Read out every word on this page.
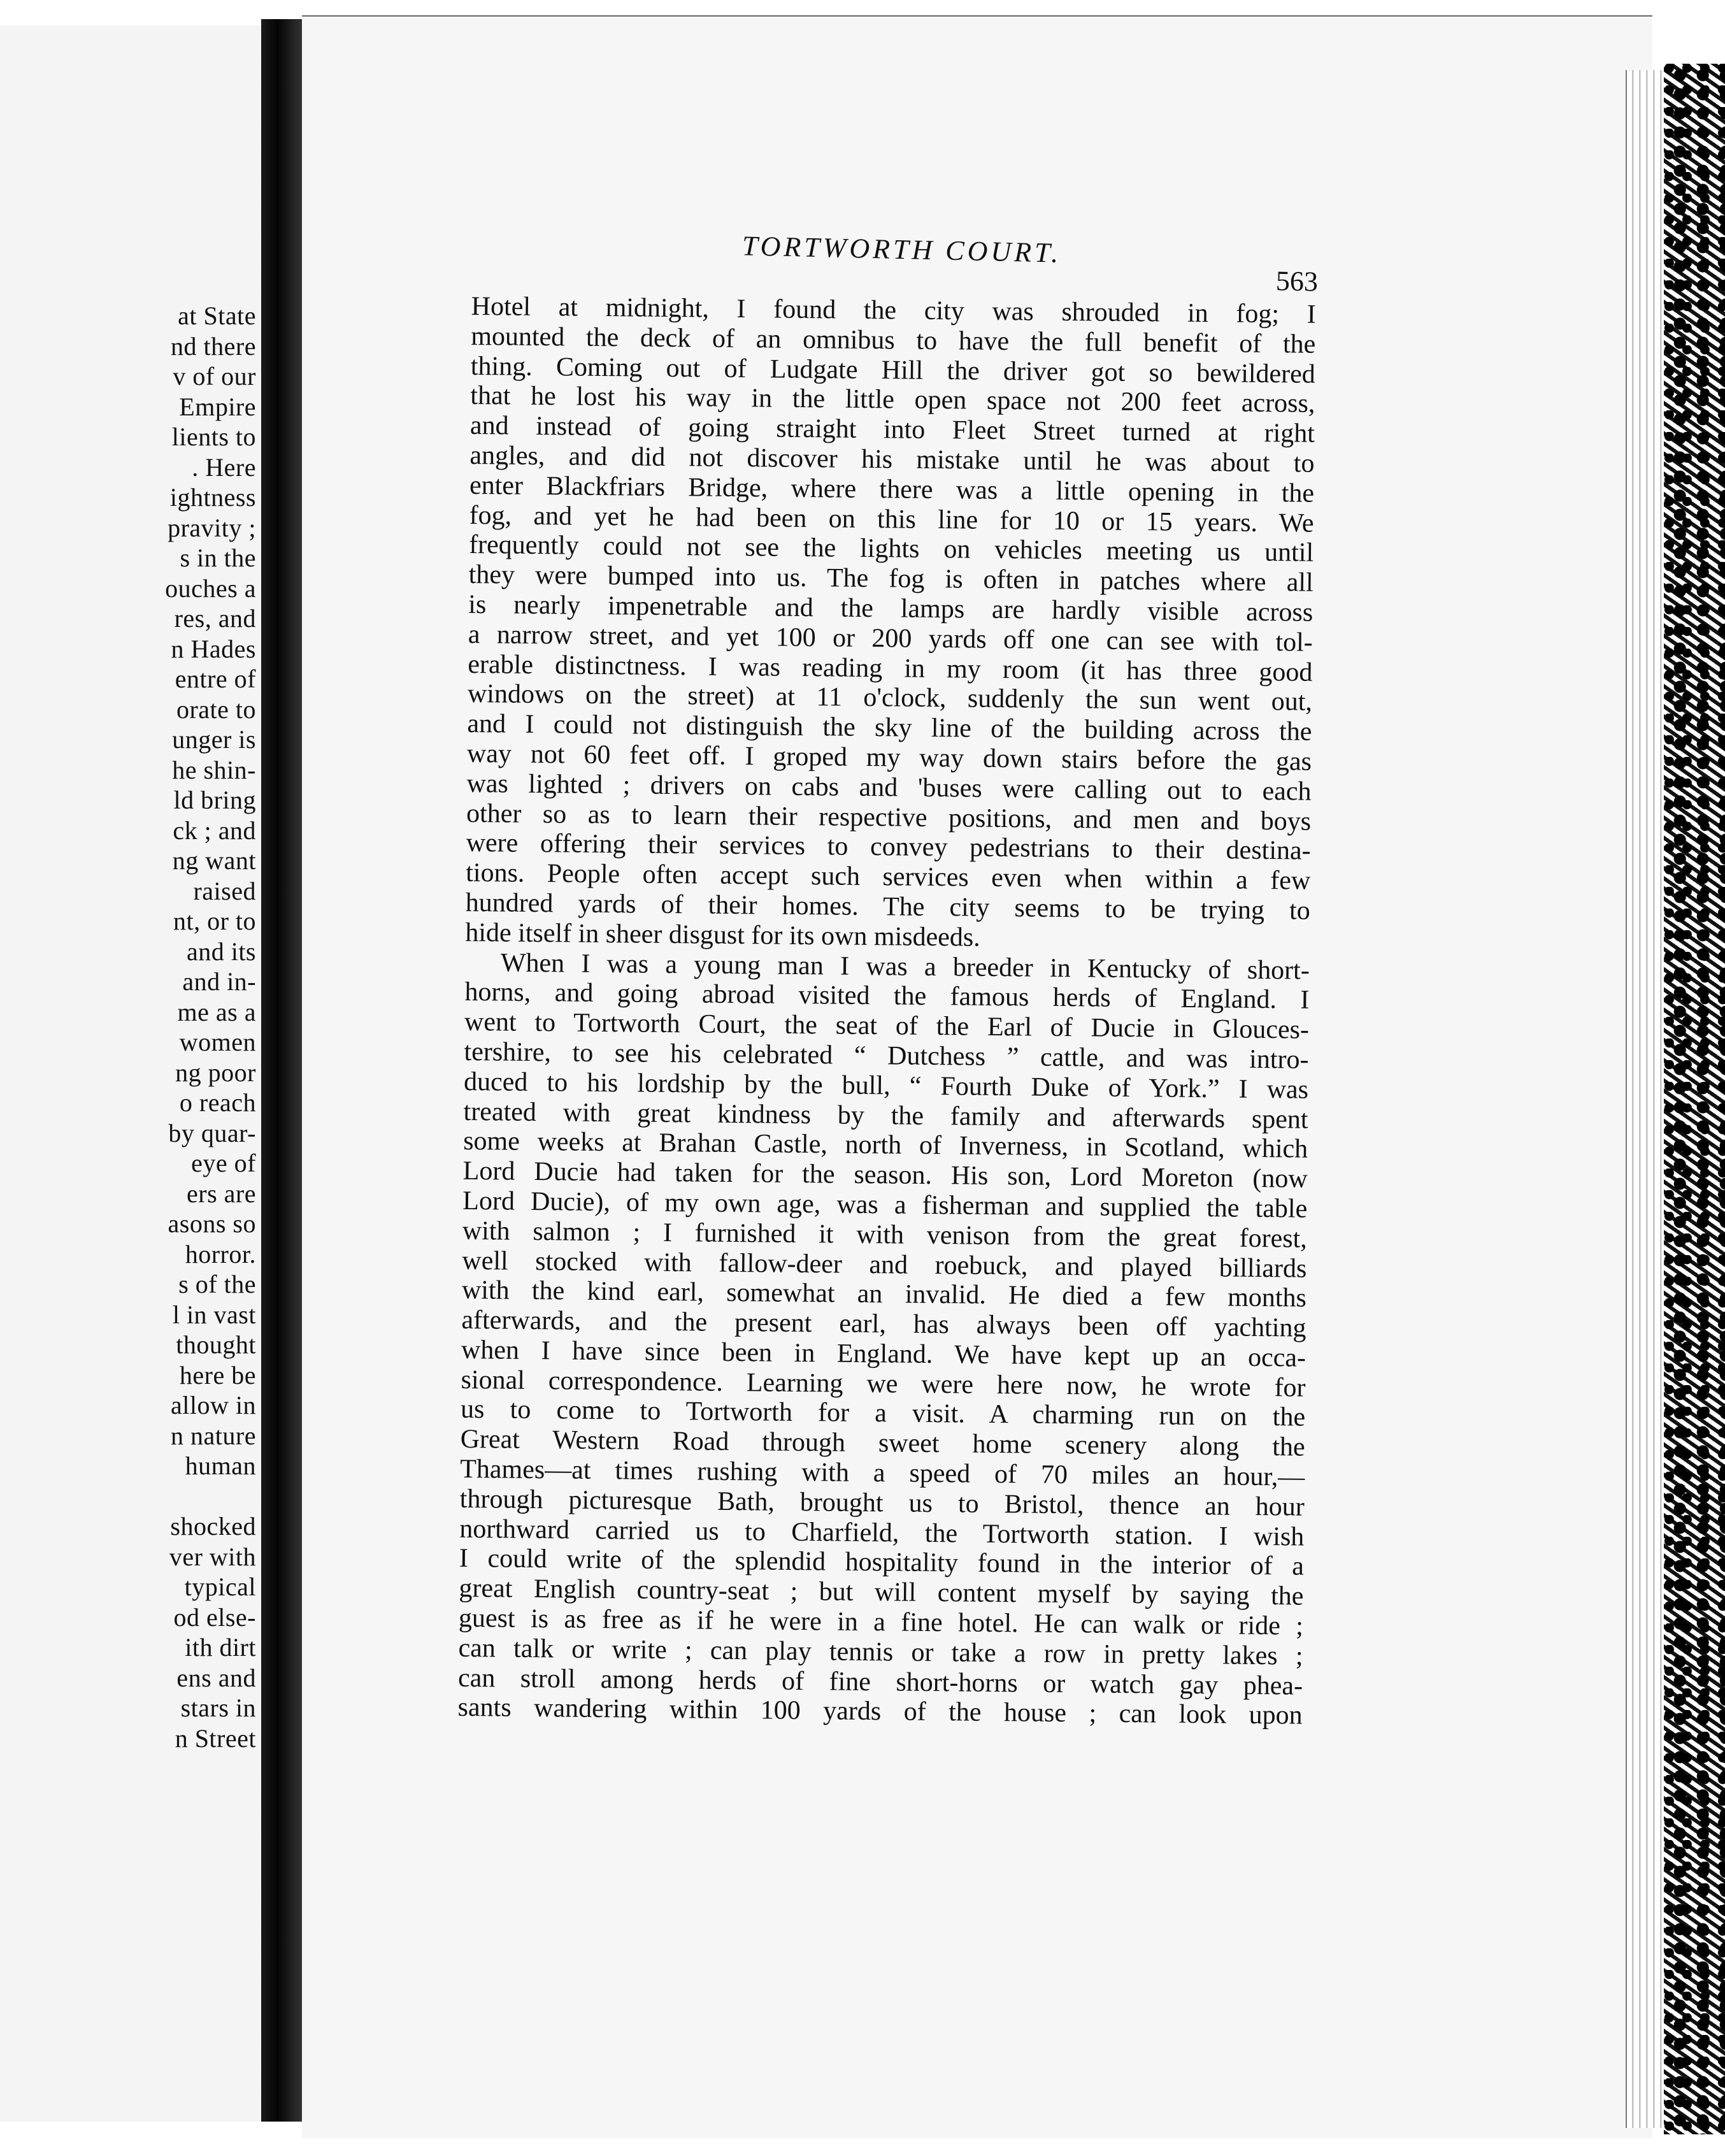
at State
nd there
v of our
Empire
lients to
. Here
ightness
pravity ;
s in the
ouches a
res, and
n Hades
entre of
orate to
unger is
he shin-
ld bring
ck ; and
ng want
raised
nt, or to
and its
and in-
me as a
women
ng poor
o reach
by quar-
eye of
ers are
asons so
horror.
s of the
l in vast
thought
here be
allow in
n nature
human

shocked
ver with
typical
od else-
ith dirt
ens and
stars in
n Street
TORTWORTH COURT.
563
Hotel at midnight, I found the city was shrouded in fog; I
mounted the deck of an omnibus to have the full benefit of the
thing. Coming out of Ludgate Hill the driver got so bewildered
that he lost his way in the little open space not 200 feet across,
and instead of going straight into Fleet Street turned at right
angles, and did not discover his mistake until he was about to
enter Blackfriars Bridge, where there was a little opening in the
fog, and yet he had been on this line for 10 or 15 years. We
frequently could not see the lights on vehicles meeting us until
they were bumped into us. The fog is often in patches where all
is nearly impenetrable and the lamps are hardly visible across
a narrow street, and yet 100 or 200 yards off one can see with tol-
erable distinctness. I was reading in my room (it has three good
windows on the street) at 11 o'clock, suddenly the sun went out,
and I could not distinguish the sky line of the building across the
way not 60 feet off. I groped my way down stairs before the gas
was lighted ; drivers on cabs and 'buses were calling out to each
other so as to learn their respective positions, and men and boys
were offering their services to convey pedestrians to their destina-
tions. People often accept such services even when within a few
hundred yards of their homes. The city seems to be trying to
hide itself in sheer disgust for its own misdeeds.
When I was a young man I was a breeder in Kentucky of short-
horns, and going abroad visited the famous herds of England. I
went to Tortworth Court, the seat of the Earl of Ducie in Glouces-
tershire, to see his celebrated “ Dutchess ” cattle, and was intro-
duced to his lordship by the bull, “ Fourth Duke of York.” I was
treated with great kindness by the family and afterwards spent
some weeks at Brahan Castle, north of Inverness, in Scotland, which
Lord Ducie had taken for the season. His son, Lord Moreton (now
Lord Ducie), of my own age, was a fisherman and supplied the table
with salmon ; I furnished it with venison from the great forest,
well stocked with fallow-deer and roebuck, and played billiards
with the kind earl, somewhat an invalid. He died a few months
afterwards, and the present earl, has always been off yachting
when I have since been in England. We have kept up an occa-
sional correspondence. Learning we were here now, he wrote for
us to come to Tortworth for a visit. A charming run on the
Great Western Road through sweet home scenery along the
Thames—at times rushing with a speed of 70 miles an hour,—
through picturesque Bath, brought us to Bristol, thence an hour
northward carried us to Charfield, the Tortworth station. I wish
I could write of the splendid hospitality found in the interior of a
great English country-seat ; but will content myself by saying the
guest is as free as if he were in a fine hotel. He can walk or ride ;
can talk or write ; can play tennis or take a row in pretty lakes ;
can stroll among herds of fine short-horns or watch gay phea-
sants wandering within 100 yards of the house ; can look upon
